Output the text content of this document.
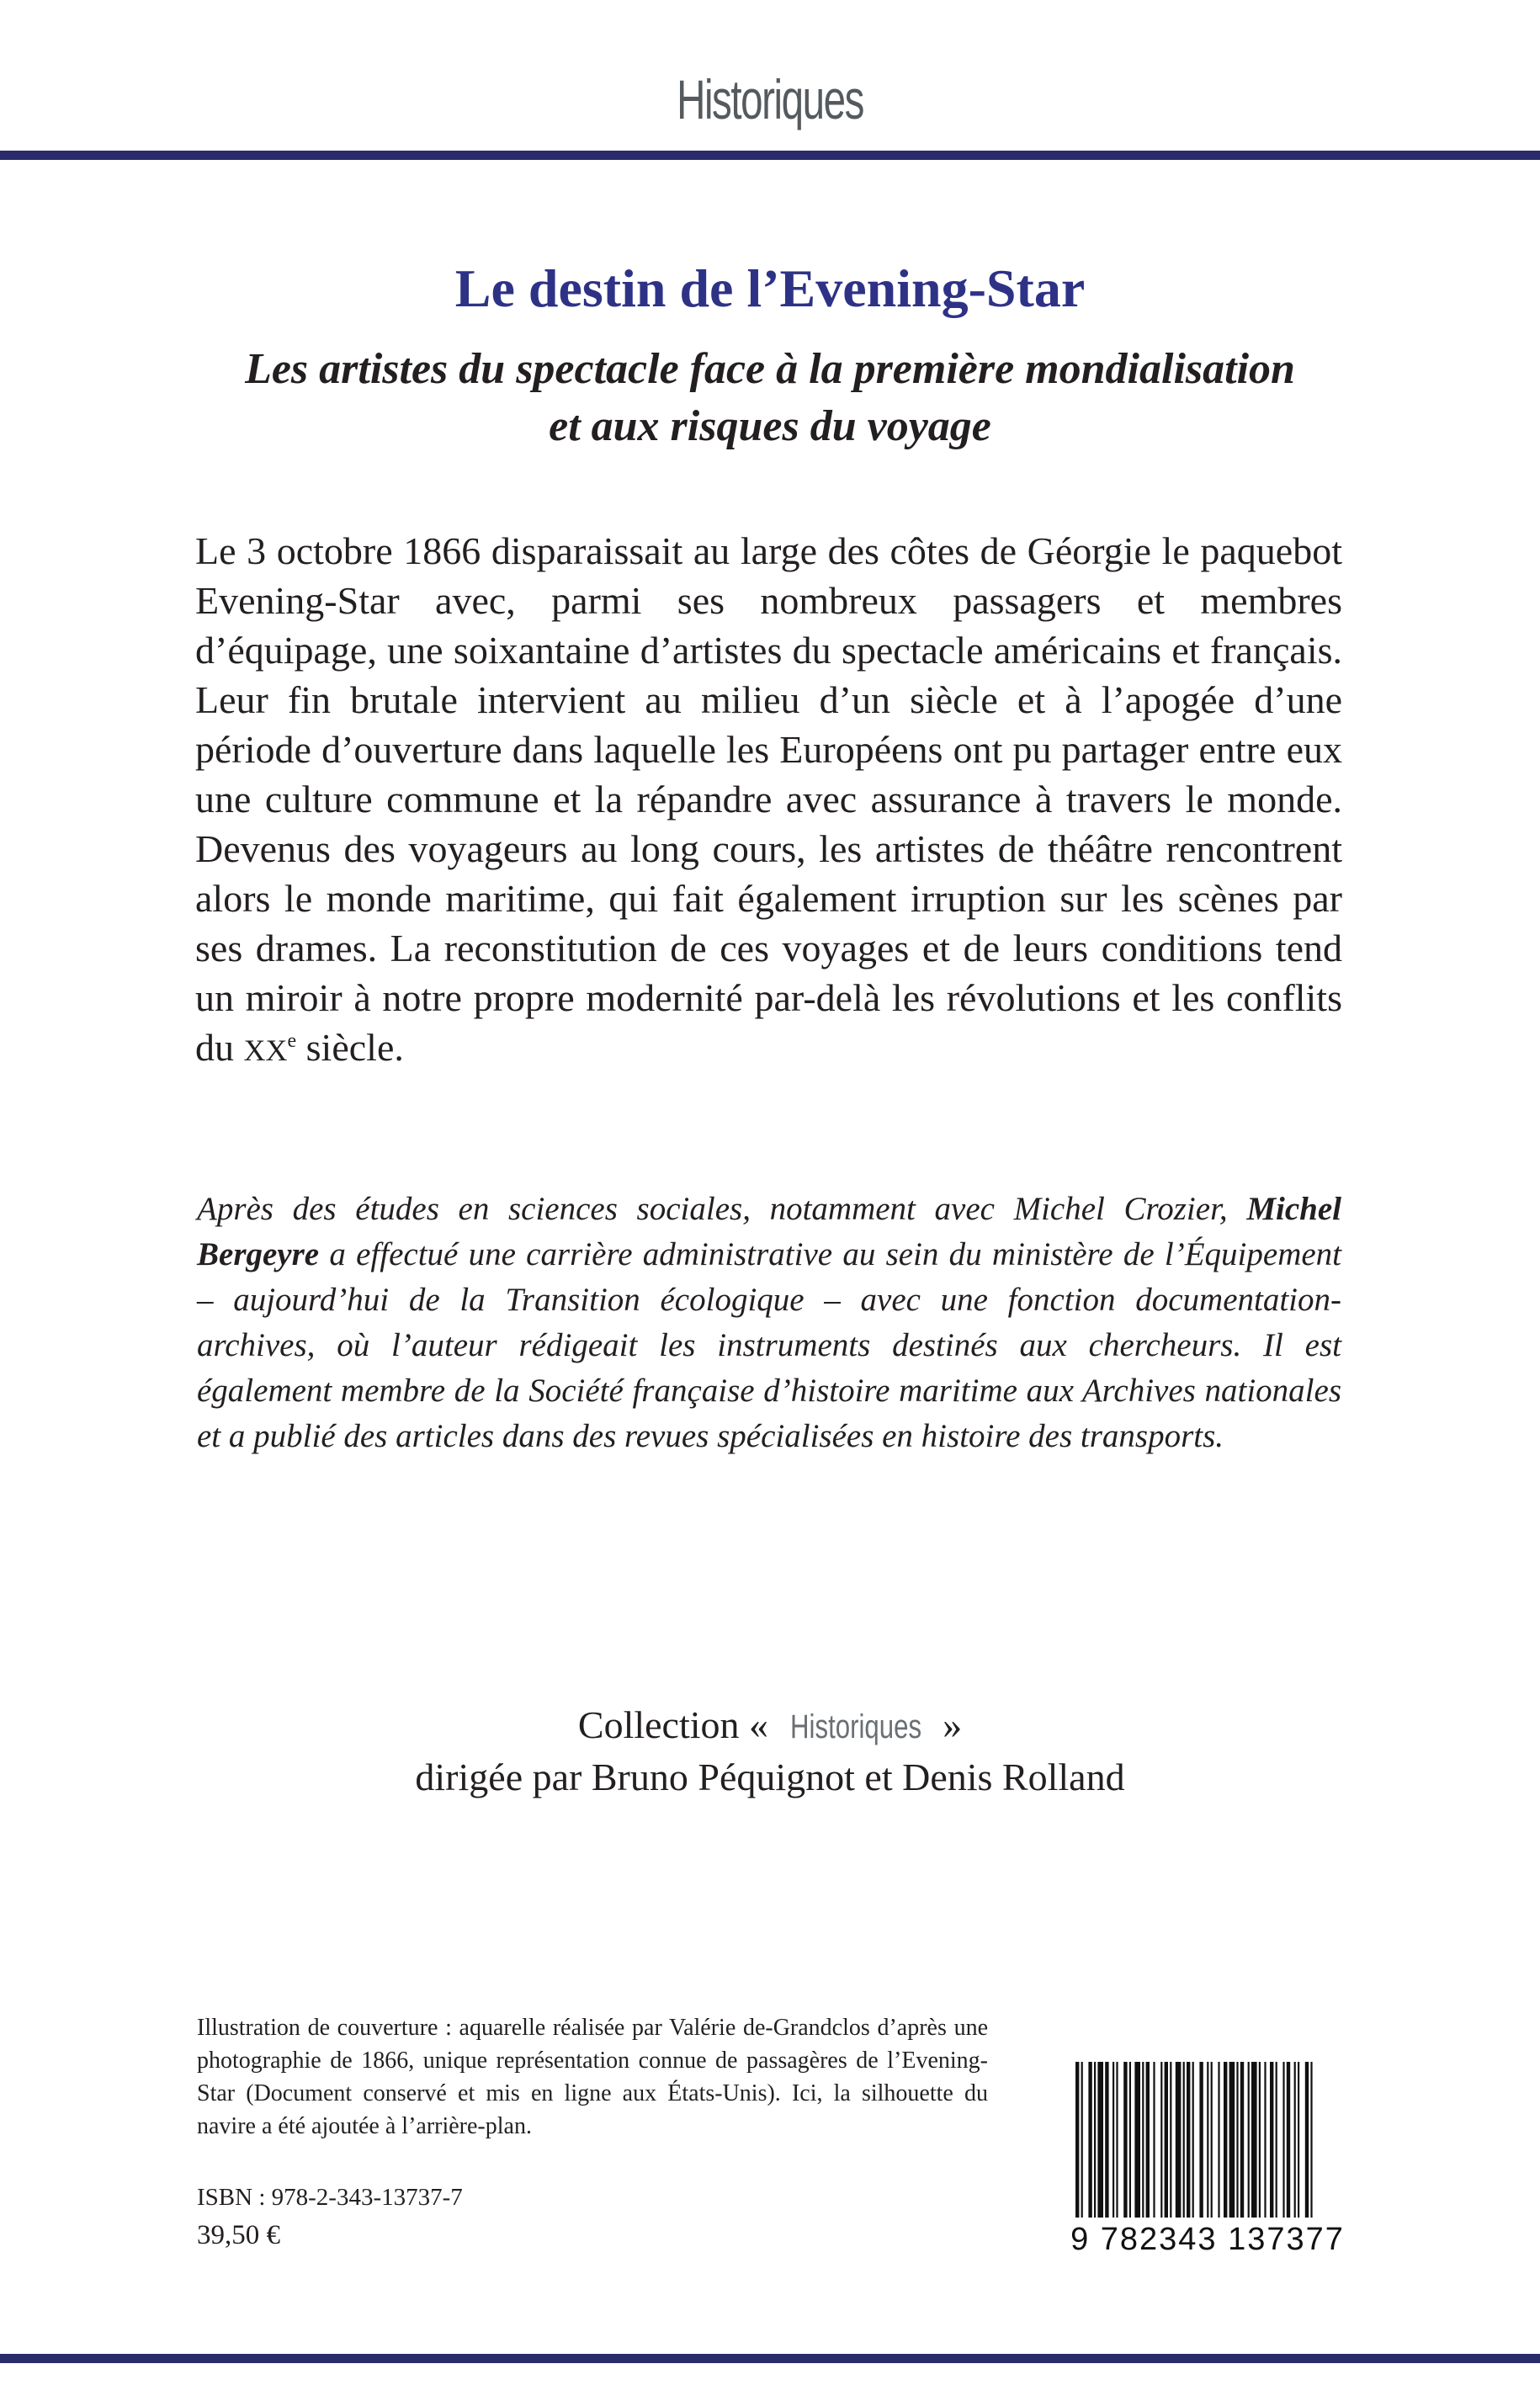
Historiques
Le destin de l’Evening-Star

Les artistes du spectacle face à la première mondialisation
et aux risques du voyage

Le 3 octobre 1866 disparaissait au large des côtes de Géorgie le paquebot Evening-Star avec, parmi ses nombreux passagers et membres d’équipage, une soixantaine d’artistes du spectacle américains et français. Leur fin brutale intervient au milieu d’un siècle et à l’apogée d’une période d’ouverture dans laquelle les Européens ont pu partager entre eux une culture commune et la répandre avec assurance à travers le monde. Devenus des voyageurs au long cours, les artistes de théâtre rencontrent alors le monde maritime, qui fait également irruption sur les scènes par ses drames. La reconstitution de ces voyages et de leurs conditions tend un miroir à notre propre modernité par-delà les révolutions et les conflits du XXe siècle.

Après des études en sciences sociales, notamment avec Michel Crozier, Michel Bergeyre a effectué une carrière administrative au sein du ministère de l’Équipement – aujourd’hui de la Transition écologique – avec une fonction documentation-archives, où l’auteur rédigeait les instruments destinés aux chercheurs. Il est également membre de la Société française d’histoire maritime aux Archives nationales et a publié des articles dans des revues spécialisées en histoire des transports.

Collection « Historiques »
dirigée par Bruno Péquignot et Denis Rolland

Illustration de couverture : aquarelle réalisée par Valérie de-Grandclos d’après une photographie de 1866, unique représentation connue de passagères de l’Evening-Star (Document conservé et mis en ligne aux États-Unis). Ici, la silhouette du navire a été ajoutée à l’arrière-plan.

ISBN : 978-2-343-13737-7
39,50 €	9 782343 137377
